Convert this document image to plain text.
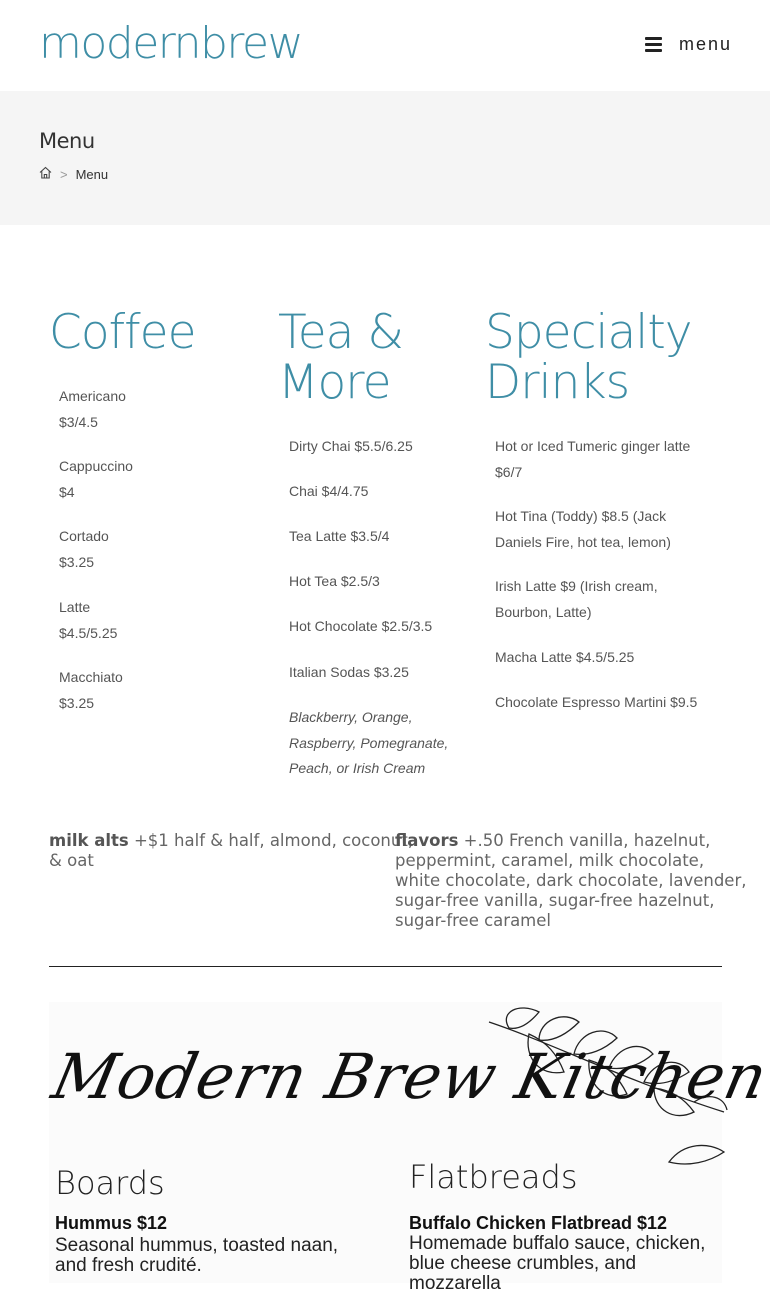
modernbrew	menu
Menu
> Menu
Coffee

Americano

$3/4.5

Cappuccino

$4

Cortado

$3.25

Latte

$4.5/5.25

Macchiato

$3.25

Tea &
More

Dirty Chai $5.5/6.25

Chai $4/4.75

Tea Latte $3.5/4

Hot Tea $2.5/3

Hot Chocolate $2.5/3.5

Italian Sodas $3.25

Blackberry, Orange,

Raspberry, Pomegranate,

Peach, or Irish Cream

Specialty
Drinks

Hot or Iced Tumeric ginger latte

$6/7

Hot Tina (Toddy) $8.5 (Jack

Daniels Fire, hot tea, lemon)

Irish Latte $9 (Irish cream,

Bourbon, Latte)

Macha Latte $4.5/5.25

Chocolate Espresso Martini $9.5

milk alts +$1 half & half, almond, coconut,
& oat
flavors +.50 French vanilla, hazelnut,
peppermint, caramel, milk chocolate,
white chocolate, dark chocolate, lavender,
sugar-free vanilla, sugar-free hazelnut,
sugar-free caramel
Modern Brew Kitchen
Boards
Hummus $12
Seasonal hummus, toasted naan,
and fresh crudité.
Flatbreads
Buffalo Chicken Flatbread $12
Homemade buffalo sauce, chicken,
blue cheese crumbles, and
mozzarella
